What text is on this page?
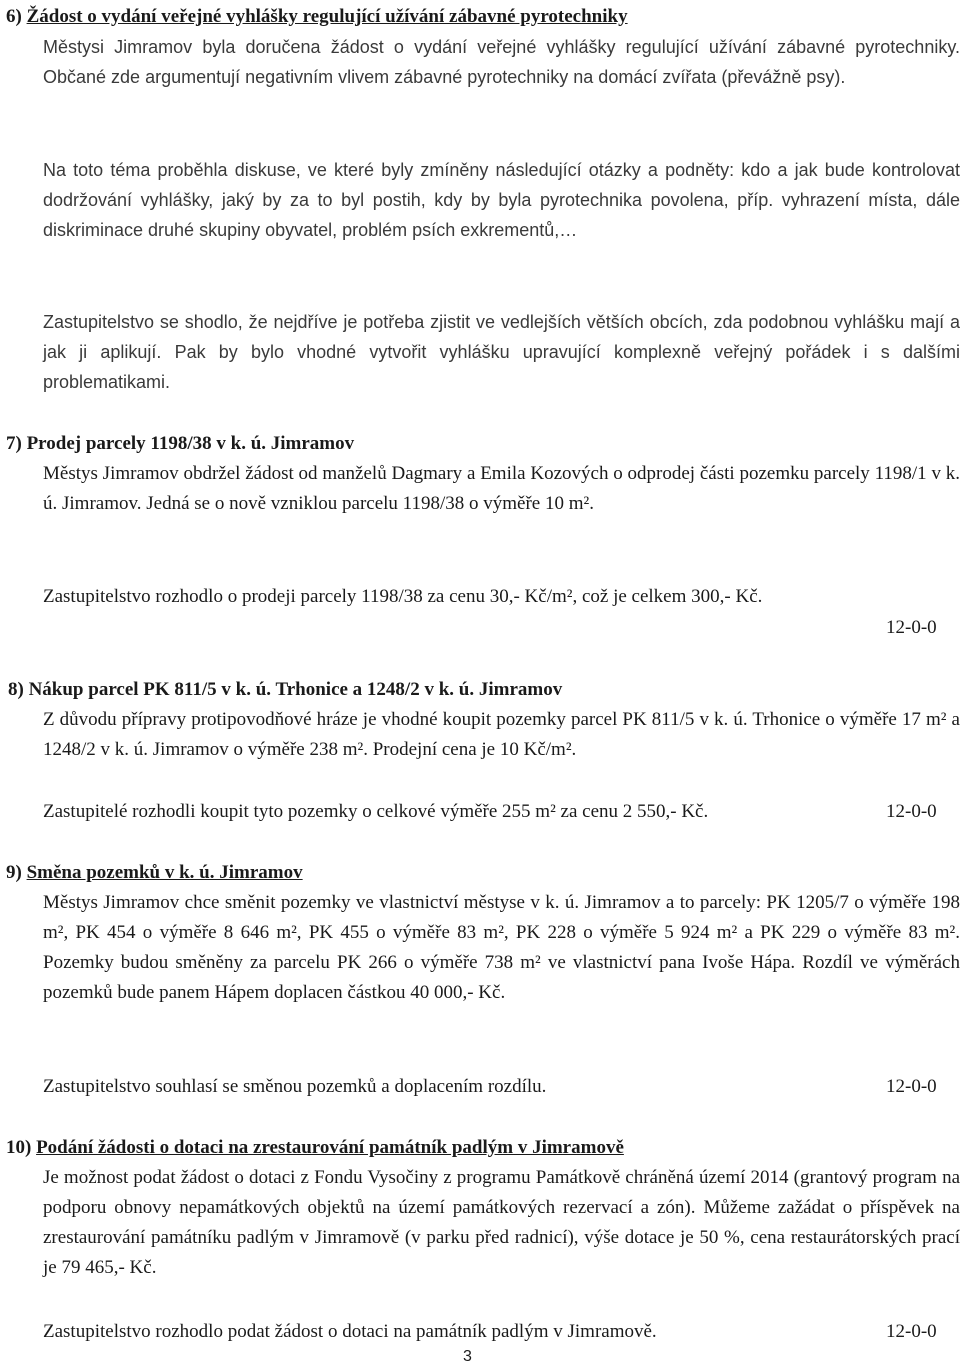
6) Žádost o vydání veřejné vyhlášky regulující užívání zábavné pyrotechniky
Městysi Jimramov byla doručena žádost o vydání veřejné vyhlášky regulující užívání zábavné pyrotechniky. Občané zde argumentují negativním vlivem zábavné pyrotechniky na domácí zvířata (převážně psy).
Na toto téma proběhla diskuse, ve které byly zmíněny následující otázky a podněty: kdo a jak bude kontrolovat dodržování vyhlášky, jaký by za to byl postih, kdy by byla pyrotechnika povolena, příp. vyhrazení místa, dále diskriminace druhé skupiny obyvatel, problém psích exkrementů,…
Zastupitelstvo se shodlo, že nejdříve je potřeba zjistit ve vedlejších větších obcích, zda podobnou vyhlášku mají a jak ji aplikují. Pak by bylo vhodné vytvořit vyhlášku upravující komplexně veřejný pořádek i s dalšími problematikami.
7) Prodej parcely 1198/38 v k. ú. Jimramov
Městys Jimramov obdržel žádost od manželů Dagmary a Emila Kozových o odprodej části pozemku parcely 1198/1 v k. ú. Jimramov. Jedná se o nově vzniklou parcelu 1198/38 o výměře 10 m².
Zastupitelstvo rozhodlo o prodeji parcely 1198/38 za cenu 30,- Kč/m², což je celkem 300,- Kč.
12-0-0
8) Nákup parcel PK 811/5 v k. ú. Trhonice a 1248/2 v k. ú. Jimramov
Z důvodu přípravy protipovodňové hráze je vhodné koupit pozemky parcel PK 811/5 v k. ú. Trhonice o výměře 17 m² a 1248/2 v k. ú. Jimramov o výměře 238 m². Prodejní cena je 10 Kč/m².
Zastupitelé rozhodli koupit tyto pozemky o celkové výměře 255 m² za cenu 2 550,- Kč.	12-0-0
9) Směna pozemků v k. ú. Jimramov
Městys Jimramov chce směnit pozemky ve vlastnictví městyse v k. ú. Jimramov a to parcely: PK 1205/7 o výměře 198 m², PK 454 o výměře 8 646 m², PK 455 o výměře 83 m², PK 228 o výměře 5 924 m² a PK 229 o výměře 83 m². Pozemky budou směněny za parcelu PK 266 o výměře 738 m² ve vlastnictví pana Ivoše Hápa. Rozdíl ve výměrách pozemků bude panem Hápem doplacen částkou 40 000,- Kč.
Zastupitelstvo souhlasí se směnou pozemků a doplacením rozdílu.	12-0-0
10) Podání žádosti o dotaci na zrestaurování památník padlým v Jimramově
Je možnost podat žádost o dotaci z Fondu Vysočiny z programu Památkově chráněná území 2014 (grantový program na podporu obnovy nepamátkových objektů na území památkových rezervací a zón). Můžeme zažádat o příspěvek na zrestaurování památníku padlým v Jimramově (v parku před radnicí), výše dotace je 50 %, cena restaurátorských prací je 79 465,- Kč.
Zastupitelstvo rozhodlo podat žádost o dotaci na památník padlým v Jimramově.	12-0-0
3
